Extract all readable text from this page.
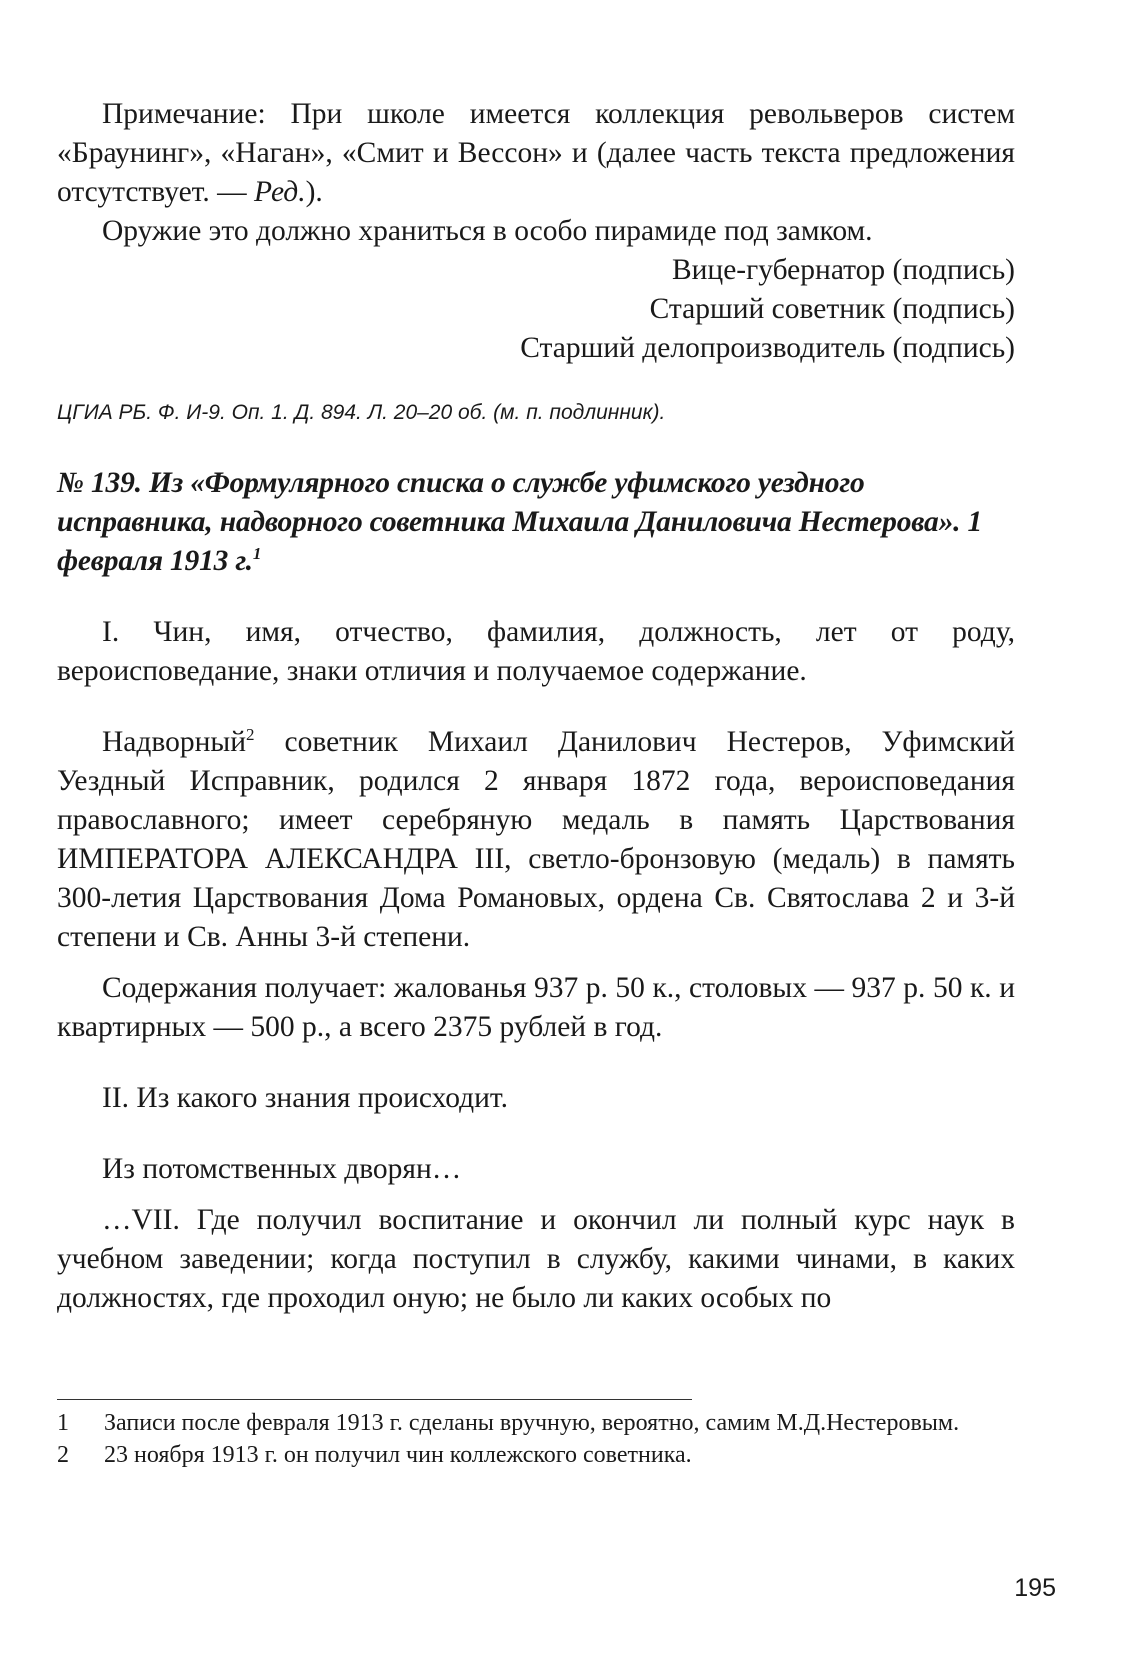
Примечание: При школе имеется коллекция револьверов систем «Браунинг», «Наган», «Смит и Вессон» и (далее часть текста предложения отсутствует. — Ред.).

Оружие это должно храниться в особо пирамиде под замком.

Вице-губернатор (подпись)

Старший советник (подпись)

Старший делопроизводитель (подпись)

ЦГИА РБ. Ф. И-9. Оп. 1. Д. 894. Л. 20–20 об. (м. п. подлинник).

№ 139. Из «Формулярного списка о службе уфимского уездного исправника, надворного советника Михаила Даниловича Нестерова». 1 февраля 1913 г.$^1$

I. Чин, имя, отчество, фамилия, должность, лет от роду, вероисповедание, знаки отличия и получаемое содержание.

Надворный$^2$ советник Михаил Данилович Нестеров, Уфимский Уездный Исправник, родился 2 января 1872 года, вероисповедания православного; имеет серебряную медаль в память Царствования ИМПЕРАТОРА АЛЕКСАНДРА III, светло-бронзовую (медаль) в память 300-летия Царствования Дома Романовых, ордена Св. Святослава 2 и 3-й степени и Св. Анны 3-й степени.

Содержания получает: жалованья 937 р. 50 к., столовых — 937 р. 50 к. и квартирных — 500 р., а всего 2375 рублей в год.

II. Из какого знания происходит.

Из потомственных дворян…

…VII. Где получил воспитание и окончил ли полный курс наук в учебном заведении; когда поступил в службу, какими чинами, в каких должностях, где проходил оную; не было ли каких особых по

1	Записи после февраля 1913 г. сделаны вручную, вероятно, самим М.Д.Нестеровым.
2	23 ноября 1913 г. он получил чин коллежского советника.
195
